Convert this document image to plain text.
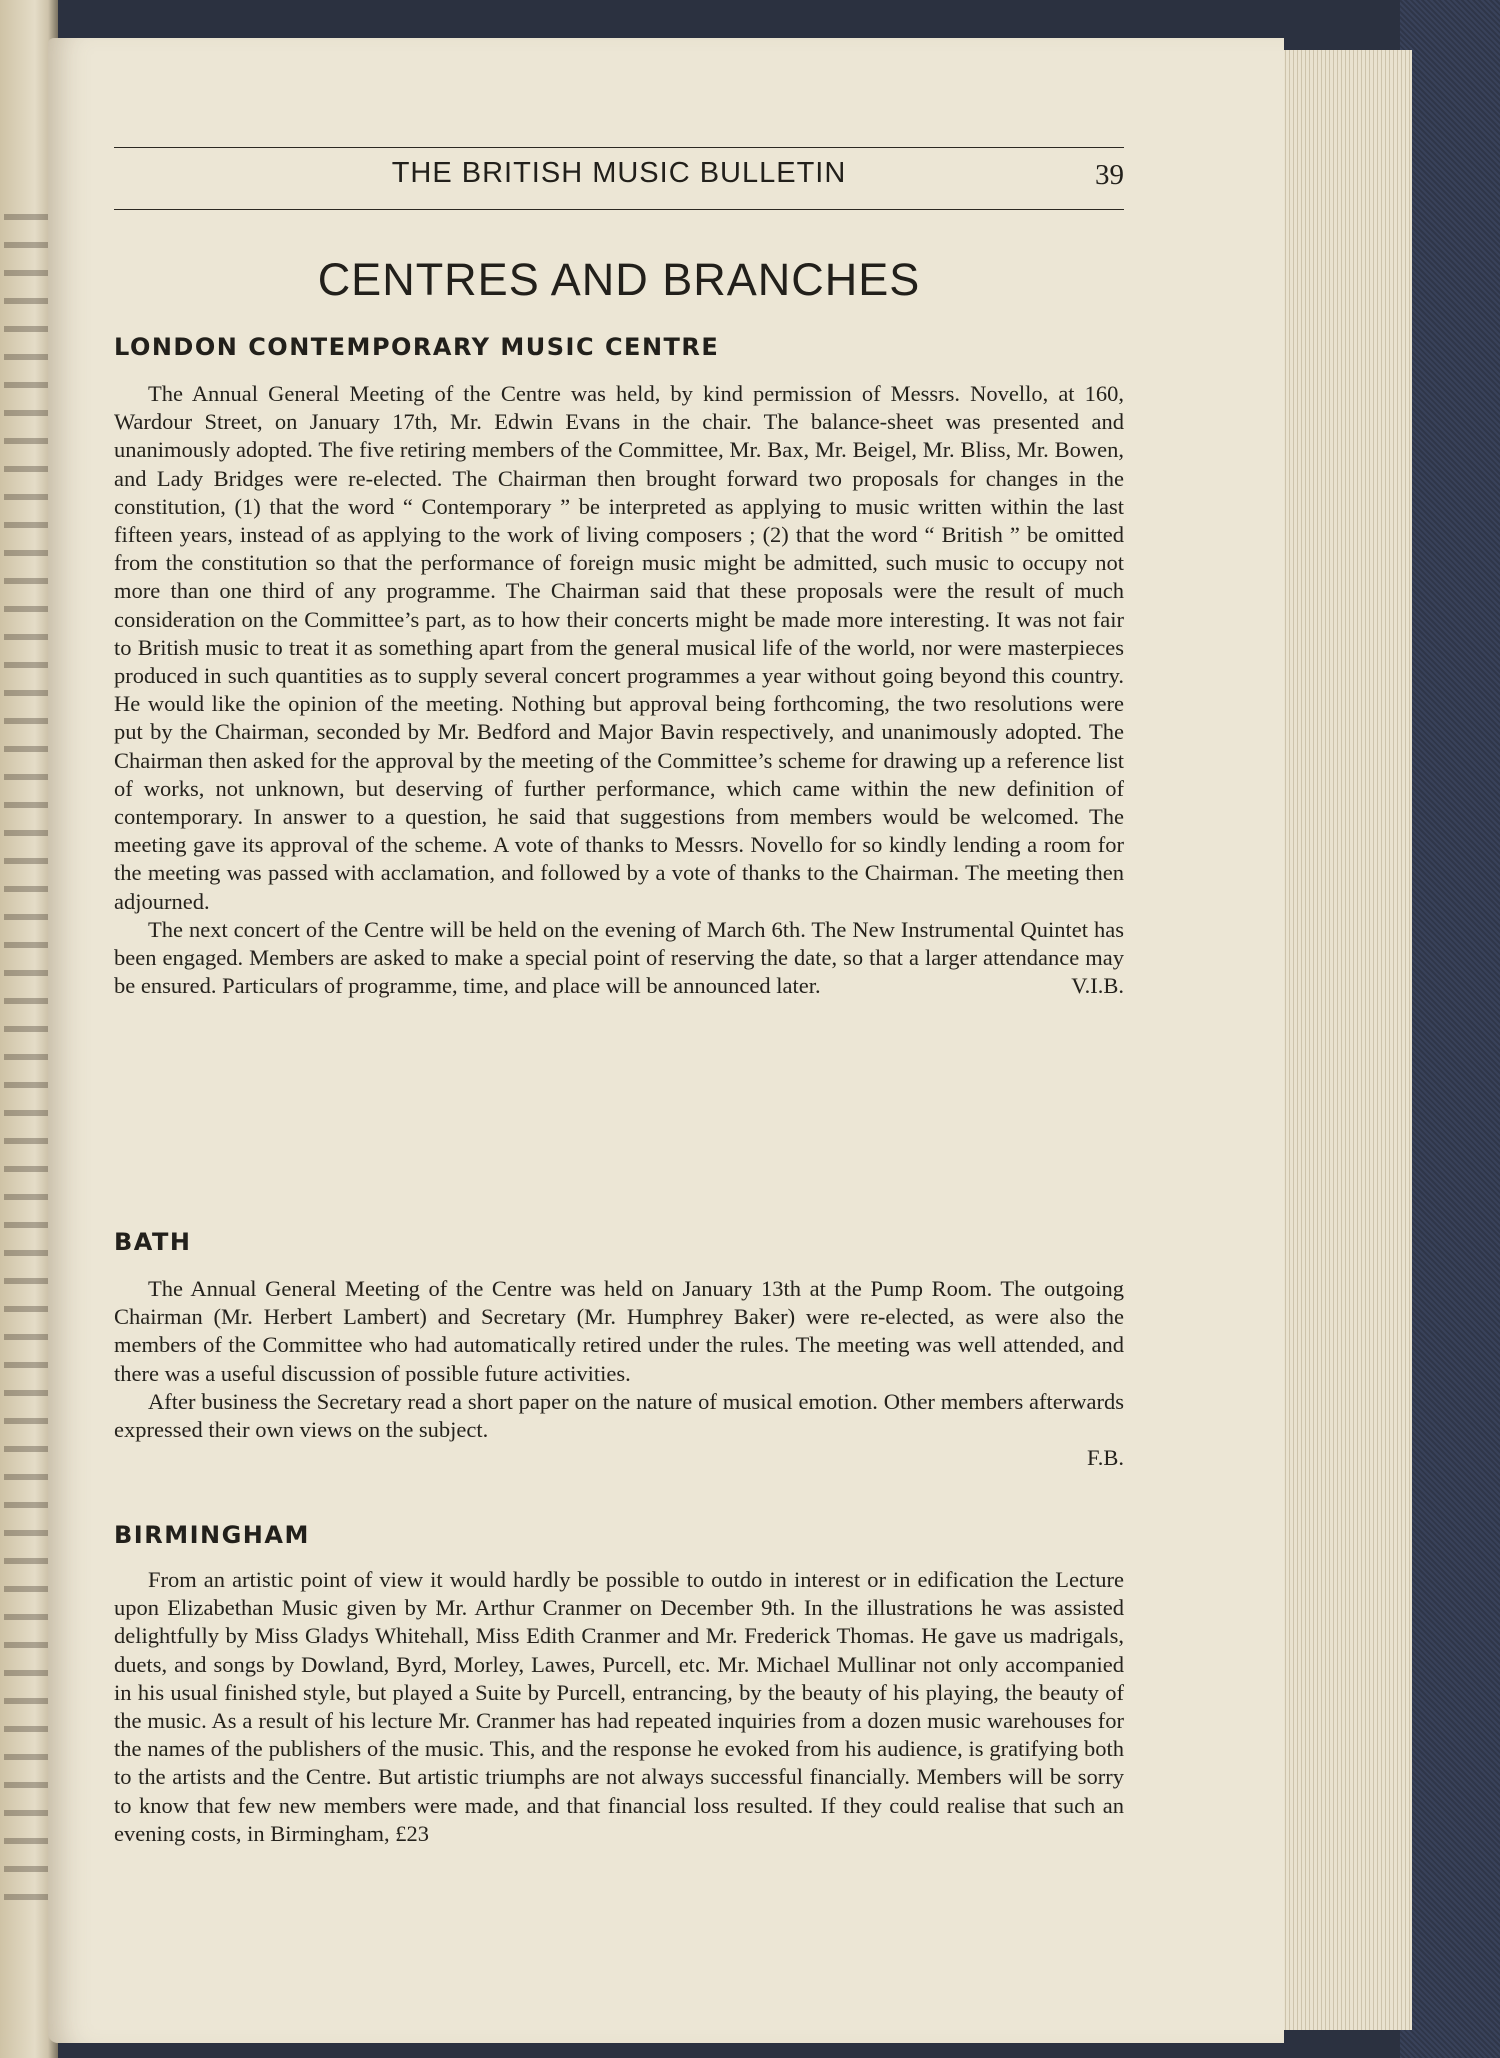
THE BRITISH MUSIC BULLETIN	39
CENTRES AND BRANCHES
LONDON CONTEMPORARY MUSIC CENTRE

The Annual General Meeting of the Centre was held, by kind permission of Messrs. Novello, at 160, Wardour Street, on January 17th, Mr. Edwin Evans in the chair. The balance-sheet was presented and unanimously adopted. The five retiring members of the Committee, Mr. Bax, Mr. Beigel, Mr. Bliss, Mr. Bowen, and Lady Bridges were re-elected. The Chairman then brought forward two proposals for changes in the constitution, (1) that the word “ Contemporary ” be interpreted as applying to music written within the last fifteen years, instead of as applying to the work of living composers ; (2) that the word “ British ” be omitted from the constitution so that the performance of foreign music might be admitted, such music to occupy not more than one third of any programme. The Chairman said that these proposals were the result of much consideration on the Committee’s part, as to how their concerts might be made more interesting. It was not fair to British music to treat it as something apart from the general musical life of the world, nor were masterpieces produced in such quantities as to supply several concert programmes a year without going beyond this country. He would like the opinion of the meeting. Nothing but approval being forthcoming, the two resolutions were put by the Chairman, seconded by Mr. Bedford and Major Bavin respectively, and unanimously adopted. The Chairman then asked for the approval by the meeting of the Committee’s scheme for drawing up a reference list of works, not unknown, but deserving of further performance, which came within the new definition of contemporary. In answer to a question, he said that suggestions from members would be welcomed. The meeting gave its approval of the scheme. A vote of thanks to Messrs. Novello for so kindly lending a room for the meeting was passed with acclamation, and followed by a vote of thanks to the Chairman. The meeting then adjourned.

The next concert of the Centre will be held on the evening of March 6th. The New Instrumental Quintet has been engaged. Members are asked to make a special point of reserving the date, so that a larger attendance may be ensured. Particulars of programme, time, and place will be announced later.	V.I.B.

BATH

The Annual General Meeting of the Centre was held on January 13th at the Pump Room. The outgoing Chairman (Mr. Herbert Lambert) and Secretary (Mr. Humphrey Baker) were re-elected, as were also the members of the Committee who had automatically retired under the rules. The meeting was well attended, and there was a useful discussion of possible future activities.

After business the Secretary read a short paper on the nature of musical emotion. Other members afterwards expressed their own views on the subject.

F.B.

BIRMINGHAM

From an artistic point of view it would hardly be possible to outdo in interest or in edification the Lecture upon Elizabethan Music given by Mr. Arthur Cranmer on December 9th. In the illustrations he was assisted delightfully by Miss Gladys Whitehall, Miss Edith Cranmer and Mr. Frederick Thomas. He gave us madrigals, duets, and songs by Dowland, Byrd, Morley, Lawes, Purcell, etc. Mr. Michael Mullinar not only accompanied in his usual finished style, but played a Suite by Purcell, entrancing, by the beauty of his playing, the beauty of the music. As a result of his lecture Mr. Cranmer has had repeated inquiries from a dozen music warehouses for the names of the publishers of the music. This, and the response he evoked from his audience, is gratifying both to the artists and the Centre. But artistic triumphs are not always successful financially. Members will be sorry to know that few new members were made, and that financial loss resulted. If they could realise that such an evening costs, in Birmingham, £23
